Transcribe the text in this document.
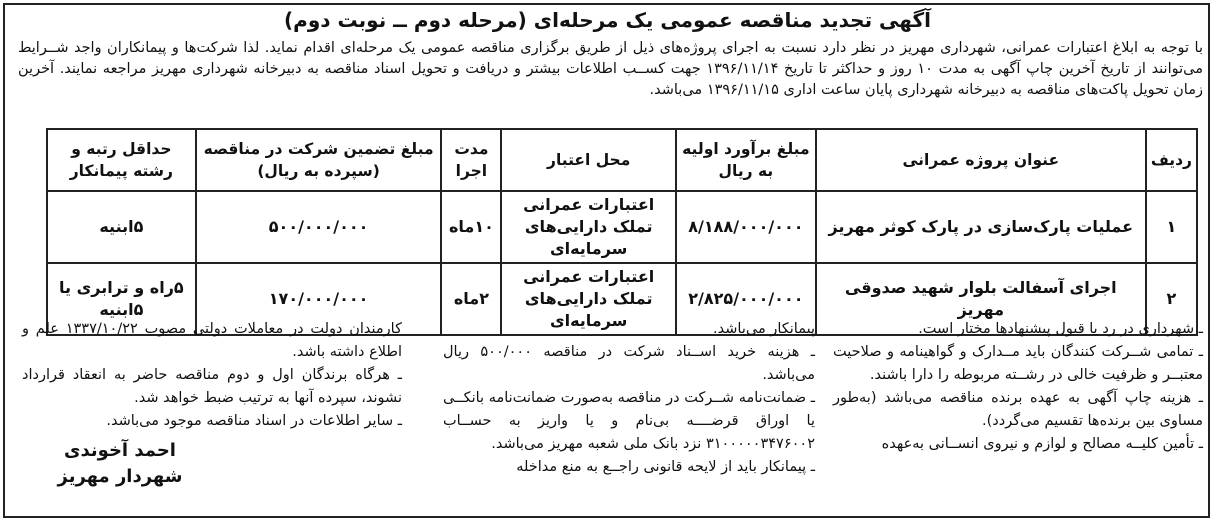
آگهی تجدید مناقصه عمومی یک مرحله‌ای (مرحله دوم ــ نوبت دوم)
با توجه به ابلاغ اعتبارات عمرانی، شهرداری مهریز در نظر دارد نسبت به اجرای پروژه‌های ذیل از طریق برگزاری مناقصه عمومی یک مرحله‌ای اقدام نماید. لذا شرکت‌ها و پیمانکاران واجد شــرایط می‌توانند از تاریخ آخرین چاپ آگهی به مدت ۱۰ روز و حداکثر تا تاریخ ۱۳۹۶/۱۱/۱۴ جهت کســب اطلاعات بیشتر و دریافت و تحویل اسناد مناقصه به دبیرخانه شهرداری مهریز مراجعه نمایند. آخرین زمان تحویل پاکت‌های مناقصه به دبیرخانه شهرداری پایان ساعت اداری ۱۳۹۶/۱۱/۱۵ می‌باشد.
ردیف	عنوان پروژه عمرانی	مبلغ برآورد اولیه به ریال	محل اعتبار	مدت اجرا	مبلغ تضمین شرکت در مناقصه (سپرده به ریال)	حداقل رتبه و رشته پیمانکار
۱	عملیات پارک‌سازی در پارک کوثر مهریز	۸/۱۸۸/۰۰۰/۰۰۰	اعتبارات عمرانی تملک دارایی‌های سرمایه‌ای	۱۰ماه	۵۰۰/۰۰۰/۰۰۰	۵ابنیه
۲	اجرای آسفالت بلوار شهید صدوقی مهریز	۲/۸۲۵/۰۰۰/۰۰۰	اعتبارات عمرانی تملک دارایی‌های سرمایه‌ای	۲ماه	۱۷۰/۰۰۰/۰۰۰	۵راه و ترابری یا ۵ابنیه
ـ شهرداری در رد یا قبول پیشنهادها مختار است.
ـ تمامی شــرکت کنندگان باید مــدارک و گواهینامه و صلاحیت معتبــر و ظرفیت خالی در رشــته مربوطه را دارا باشند.
ـ هزینه چاپ آگهی به عهده برنده مناقصه می‌باشد (به‌طور مساوی بین برنده‌ها تقسیم می‌گردد).
ـ تأمین کلیــه مصالح و لوازم و نیروی انســانی به‌عهده
پیمانکار می‌باشد.
ـ هزینه خرید اســناد شرکت در مناقصه ۵۰۰/۰۰۰ ریال می‌باشد.
ـ ضمانت‌نامه شــرکت در مناقصه به‌صورت ضمانت‌نامه بانکــی یا اوراق قرضــــه بی‌نام و یا واریز به حســاب ۳۱۰۰۰۰۰۳۴۷۶۰۰۲ نزد بانک ملی شعبه مهریز می‌باشد.
ـ پیمانکار باید از لایحه قانونی راجــع به منع مداخله
کارمندان دولت در معاملات دولتی مصوب ۱۳۳۷/۱۰/۲۲ علم و اطلاع داشته باشد.
ـ هرگاه برندگان اول و دوم مناقصه حاضر به انعقاد قرارداد نشوند، سپرده آنها به ترتیب ضبط خواهد شد.
ـ سایر اطلاعات در اسناد مناقصه موجود می‌باشد.
احمد آخوندی
شهردار مهریز
